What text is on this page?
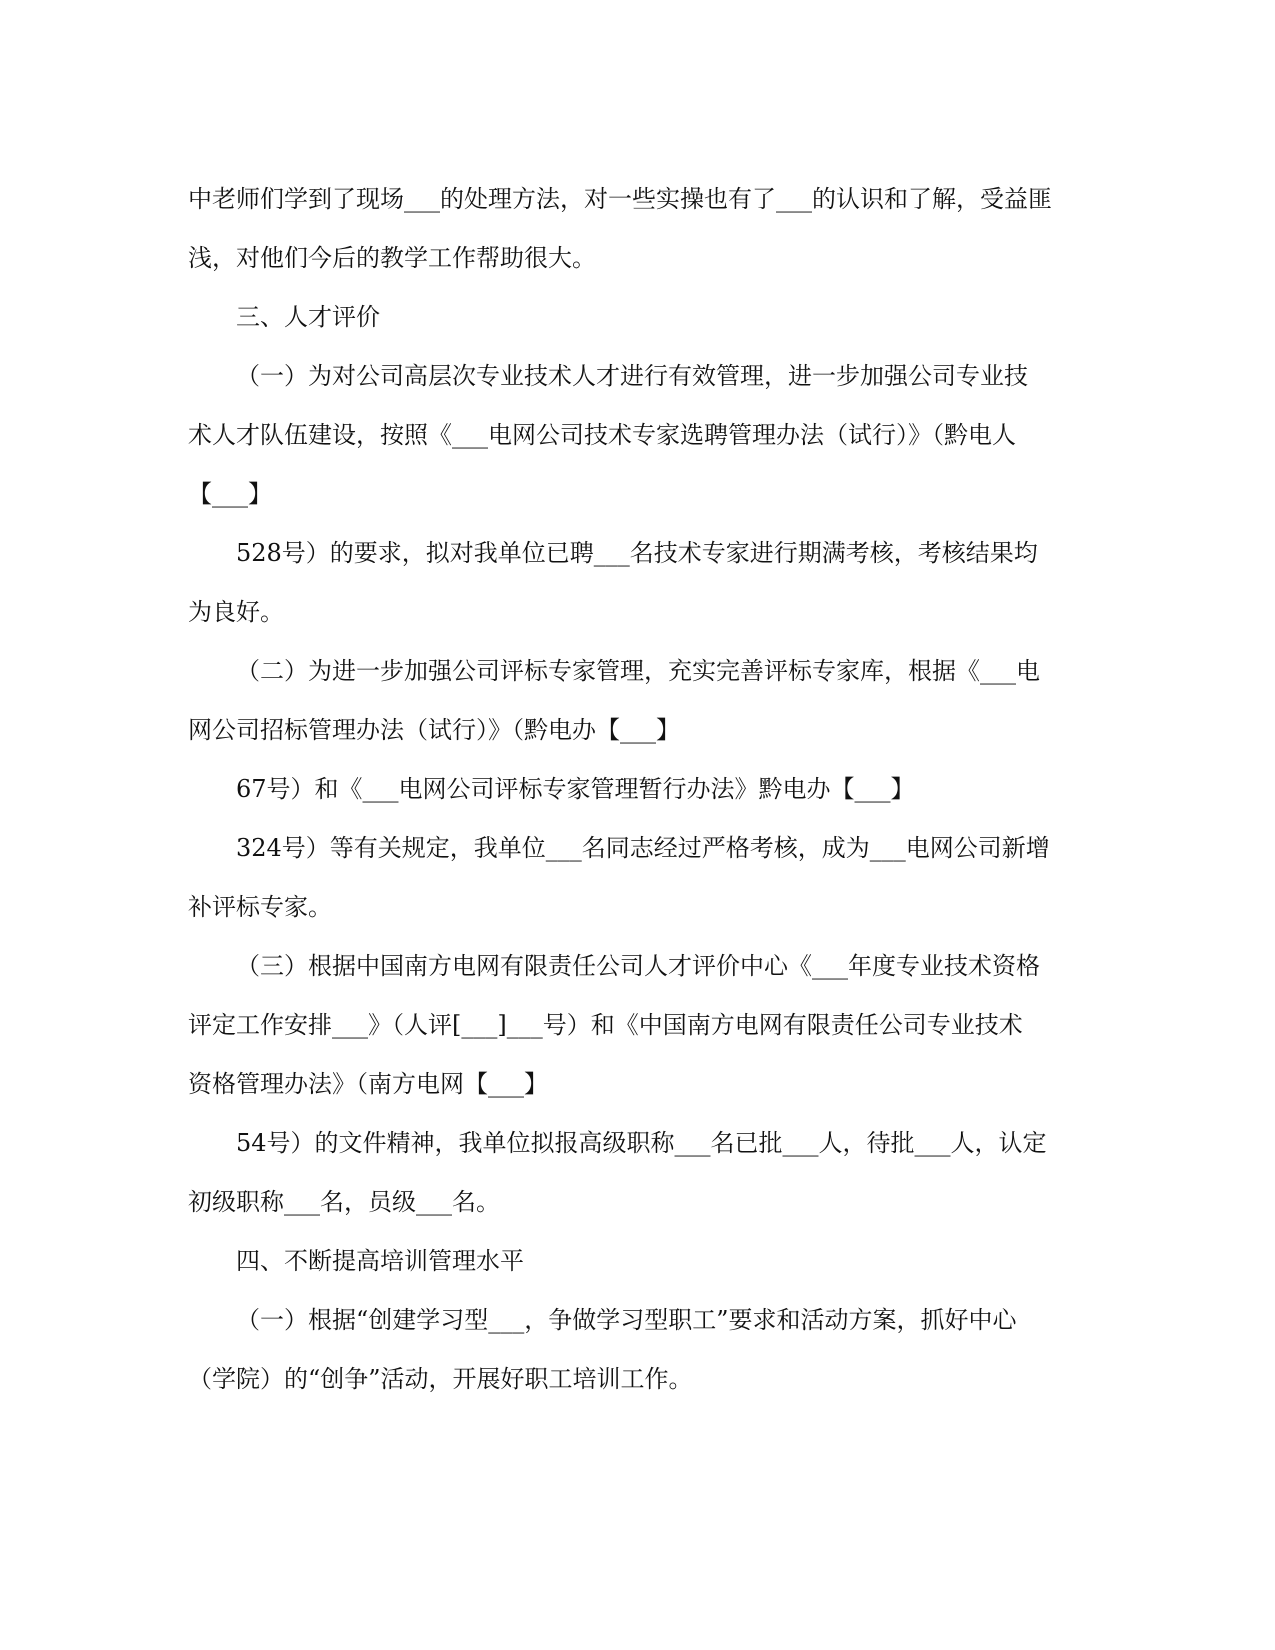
中老师们学到了现场___的处理方法，对一些实操也有了___的认识和了解，受益匪

浅，对他们今后的教学工作帮助很大。

三、人才评价

（一）为对公司高层次专业技术人才进行有效管理，进一步加强公司专业技

术人才队伍建设，按照《___电网公司技术专家选聘管理办法（试行）》（黔电人

【___】

528号）的要求，拟对我单位已聘___名技术专家进行期满考核，考核结果均

为良好。

（二）为进一步加强公司评标专家管理，充实完善评标专家库，根据《___电

网公司招标管理办法（试行）》（黔电办【___】

67号）和《___电网公司评标专家管理暂行办法》黔电办【___】

324号）等有关规定，我单位___名同志经过严格考核，成为___电网公司新增

补评标专家。

（三）根据中国南方电网有限责任公司人才评价中心《___年度专业技术资格

评定工作安排___》（人评[___]___号）和《中国南方电网有限责任公司专业技术

资格管理办法》（南方电网【___】

54号）的文件精神，我单位拟报高级职称___名已批___人，待批___人，认定

初级职称___名，员级___名。

四、不断提高培训管理水平

（一）根据“创建学习型___，争做学习型职工”要求和活动方案，抓好中心

（学院）的“创争”活动，开展好职工培训工作。
